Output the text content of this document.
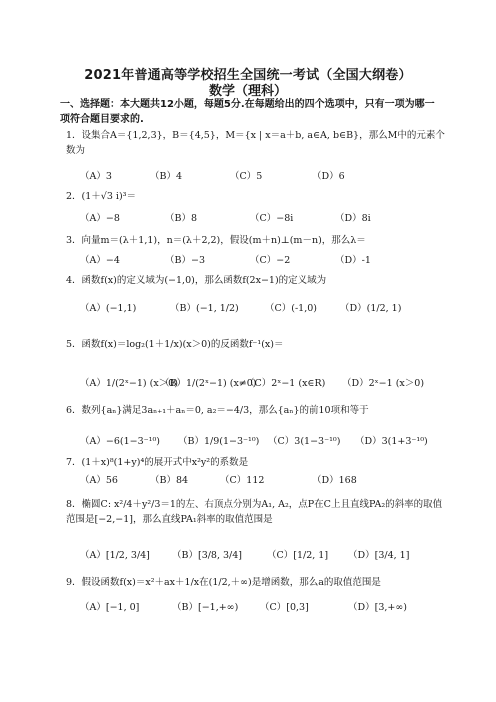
2021年普通高等学校招生全国统一考试（全国大纲卷）
数学（理科）
一、选择题：本大题共12小题，每题5分.在每题给出的四个选项中，只有一项为哪一项符合题目要求的.
1．设集合A＝{1,2,3}，B＝{4,5}，M＝{x | x＝a＋b, a∈A, b∈B}，那么M中的元素个数为
（A）3	（B）4	（C）5	（D）6
2．(1＋√3 i)³＝
（A）−8	（B）8	（C）−8i	（D）8i
3．向量m＝(λ＋1,1)，n＝(λ＋2,2)，假设(m＋n)⊥(m－n)，那么λ＝
（A）−4	（B）−3	（C）−2	（D）-1
4．函数f(x)的定义域为(−1,0)，那么函数f(2x−1)的定义域为
（A）(−1,1)	（B）(−1, 1/2)	（C）(-1,0) （D）(1/2, 1)
5．函数f(x)＝log₂(1＋1/x)(x＞0)的反函数f⁻¹(x)＝
（A）1/(2ˣ−1) (x＞0)
（B）1/(2ˣ−1) (x≠0)
（C）2ˣ−1 (x∈R) （D）2ˣ−1 (x＞0)
6．数列{aₙ}满足3aₙ₊₁＋aₙ＝0, a₂＝−4/3，那么{aₙ}的前10项和等于
（A）−6(1−3⁻¹⁰) （B）1/9(1−3⁻¹⁰) （C）3(1−3⁻¹⁰) （D）3(1+3⁻¹⁰)
7．(1＋x)⁸(1+y)⁴的展开式中x²y²的系数是
（A）56	（B）84	（C）112	（D）168
8．椭圆C: x²/4＋y²/3＝1的左、右顶点分别为A₁, A₂，点P在C上且直线PA₂的斜率的取值范围是[−2,−1]，那么直线PA₁斜率的取值范围是
（A）[1/2, 3/4] （B）[3/8, 3/4]	（C）[1/2, 1] （D）[3/4, 1]
9．假设函数f(x)＝x²＋ax＋1/x在(1/2,＋∞)是增函数，那么a的取值范围是
（A）[−1, 0]	（B）[−1,+∞) （C）[0,3]	（D）[3,+∞)
